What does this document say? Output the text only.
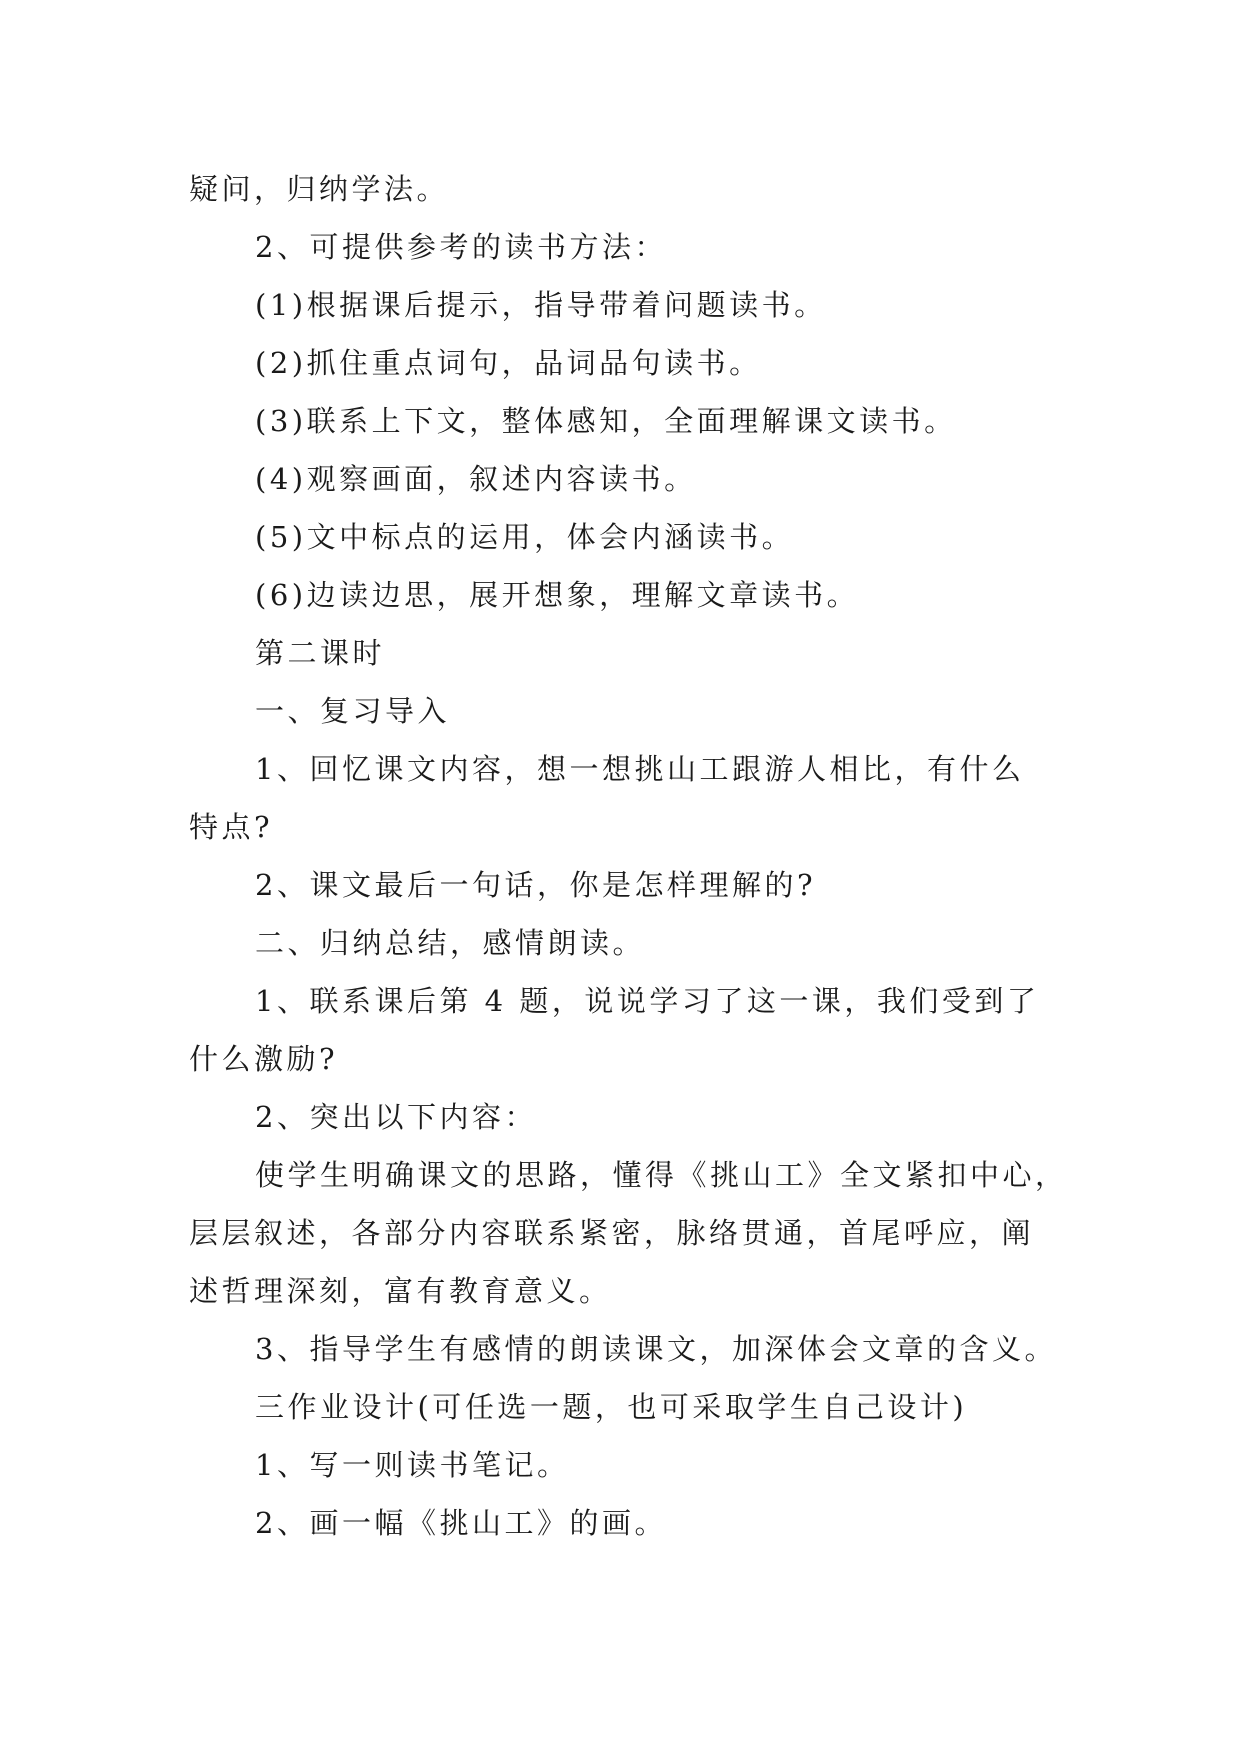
疑问，归纳学法。

2、可提供参考的读书方法：

(1)根据课后提示，指导带着问题读书。

(2)抓住重点词句，品词品句读书。

(3)联系上下文，整体感知，全面理解课文读书。

(4)观察画面，叙述内容读书。

(5)文中标点的运用，体会内涵读书。

(6)边读边思，展开想象，理解文章读书。

第二课时

一、复习导入

1、回忆课文内容，想一想挑山工跟游人相比，有什么

特点?

2、课文最后一句话，你是怎样理解的?

二、归纳总结，感情朗读。

1、联系课后第 4 题，说说学习了这一课，我们受到了

什么激励?

2、突出以下内容：

使学生明确课文的思路，懂得《挑山工》全文紧扣中心，

层层叙述，各部分内容联系紧密，脉络贯通，首尾呼应，阐

述哲理深刻，富有教育意义。

3、指导学生有感情的朗读课文，加深体会文章的含义。

三作业设计(可任选一题，也可采取学生自己设计)

1、写一则读书笔记。

2、画一幅《挑山工》的画。
